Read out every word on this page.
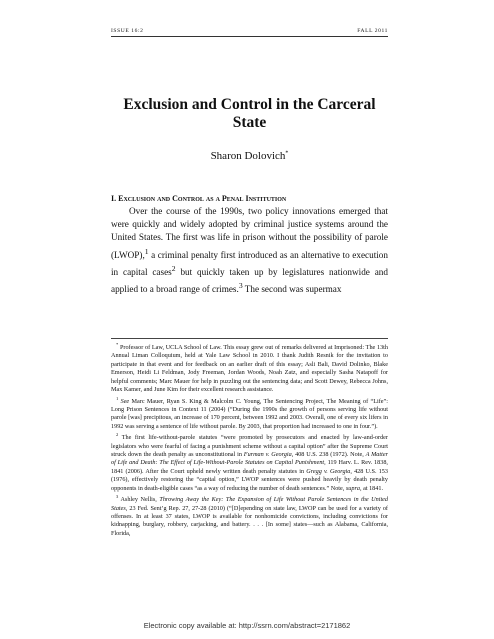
ISSUE 16:2	FALL 2011
Exclusion and Control in the Carceral State
Sharon Dolovich*
I. Exclusion and Control as a Penal Institution

Over the course of the 1990s, two policy innovations emerged that were quickly and widely adopted by criminal justice systems around the United States. The first was life in prison without the possibility of parole (LWOP),$^1$ a criminal penalty first introduced as an alternative to execution in capital cases$^2$ but quickly taken up by legislatures nationwide and applied to a broad range of crimes.$^3$ The second was supermax

* Professor of Law, UCLA School of Law. This essay grew out of remarks delivered at Imprisoned: The 13th Annual Liman Colloquium, held at Yale Law School in 2010. I thank Judith Resnik for the invitation to participate in that event and for feedback on an earlier draft of this essay; Asli Bali, David Dolinko, Blake Emerson, Heidi Li Feldman, Jody Freeman, Jordan Woods, Noah Zatz, and especially Sasha Natapoff for helpful comments; Marc Mauer for help in puzzling out the sentencing data; and Scott Dewey, Rebecca Johns, Max Kamer, and June Kim for their excellent research assistance.

$^1$ See Marc Mauer, Ryan S. King & Malcolm C. Young, The Sentencing Project, The Meaning of “Life”: Long Prison Sentences in Context 11 (2004) (“During the 1990s the growth of persons serving life without parole [was] precipitous, an increase of 170 percent, between 1992 and 2003. Overall, one of every six lifers in 1992 was serving a sentence of life without parole. By 2003, that proportion had increased to one in four.”).

$^2$ The first life-without-parole statutes “were promoted by prosecutors and enacted by law-and-order legislators who were fearful of facing a punishment scheme without a capital option” after the Supreme Court struck down the death penalty as unconstitutional in Furman v. Georgia, 408 U.S. 238 (1972). Note, A Matter of Life and Death: The Effect of Life-Without-Parole Statutes on Capital Punishment, 119 Harv. L. Rev. 1838, 1841 (2006). After the Court upheld newly written death penalty statutes in Gregg v. Georgia, 428 U.S. 153 (1976), effectively restoring the “capital option,” LWOP sentences were pushed heavily by death penalty opponents in death-eligible cases “as a way of reducing the number of death sentences.” Note, supra, at 1841.

$^3$ Ashley Nellis, Throwing Away the Key: The Expansion of Life Without Parole Sentences in the United States, 23 Fed. Sent’g Rep. 27, 27-28 (2010) (“[D]epending on state law, LWOP can be used for a variety of offenses. In at least 37 states, LWOP is available for nonhomicide convictions, including convictions for kidnapping, burglary, robbery, carjacking, and battery. . . . [In some] states—such as Alabama, California, Florida,

Electronic copy available at: http://ssrn.com/abstract=2171862
